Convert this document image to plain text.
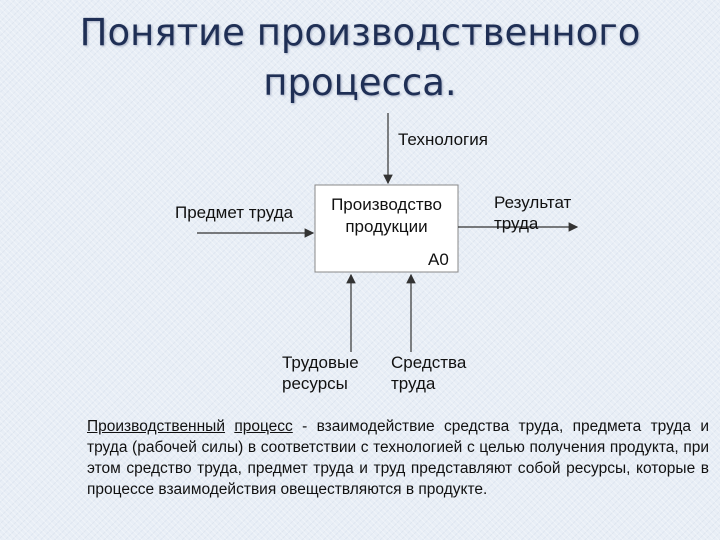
Понятие производственного
процесса.
Производство
продукции
А0
Технология
Предмет труда
Результат
труда
Трудовые
ресурсы
Средства
труда
Производственный процесс - взаимодействие средства труда, предмета труда и труда (рабочей силы) в соответствии с технологией с целью получения продукта, при этом средство труда, предмет труда и труд представляют собой ресурсы, которые в процессе взаимодействия овеществляются в продукте.
